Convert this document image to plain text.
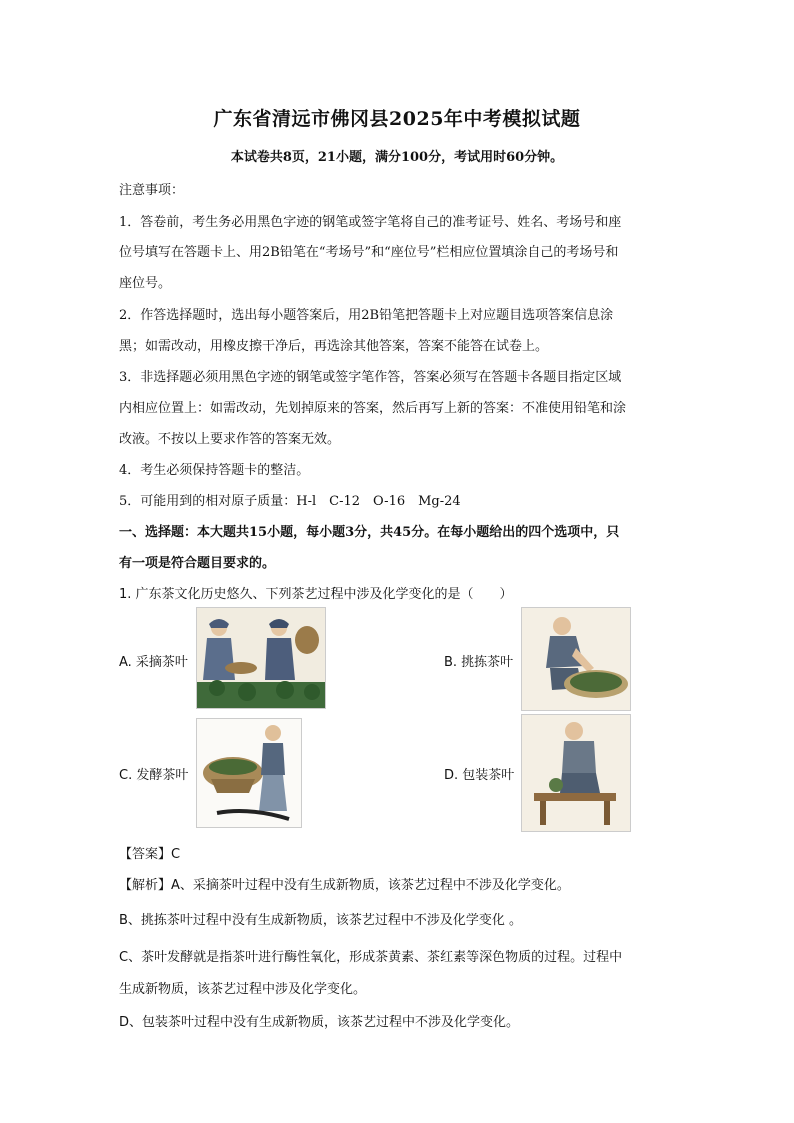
广东省清远市佛冈县2025年中考模拟试题
本试卷共8页，21小题，满分100分，考试用时60分钟。
注意事项：
1．答卷前，考生务必用黑色字迹的钢笔或签字笔将自己的准考证号、姓名、考场号和座
位号填写在答题卡上、用2B铅笔在“考场号”和“座位号”栏相应位置填涂自己的考场号和
座位号。
2．作答选择题时，选出每小题答案后，用2B铅笔把答题卡上对应题目选项答案信息涂
黑；如需改动，用橡皮擦干净后，再选涂其他答案，答案不能答在试卷上。
3．非选择题必须用黑色字迹的钢笔或签字笔作答，答案必须写在答题卡各题目指定区域
内相应位置上：如需改动，先划掉原来的答案，然后再写上新的答案：不准使用铅笔和涂
改液。不按以上要求作答的答案无效。
4．考生必须保持答题卡的整洁。
5．可能用到的相对原子质量：H-l　C-12　O-16　Mg-24
一、选择题：本大题共15小题，每小题3分，共45分。在每小题给出的四个选项中，只
有一项是符合题目要求的。
1. 广东茶文化历史悠久、下列茶艺过程中涉及化学变化的是（　　）
A. 采摘茶叶	B. 挑拣茶叶
C. 发酵茶叶	D. 包装茶叶
【答案】C
【解析】A、采摘茶叶过程中没有生成新物质，该茶艺过程中不涉及化学变化。
B、挑拣茶叶过程中没有生成新物质，该茶艺过程中不涉及化学变化 。
C、茶叶发酵就是指茶叶进行酶性氧化，形成茶黄素、茶红素等深色物质的过程。过程中
生成新物质，该茶艺过程中涉及化学变化。
D、包装茶叶过程中没有生成新物质，该茶艺过程中不涉及化学变化。
